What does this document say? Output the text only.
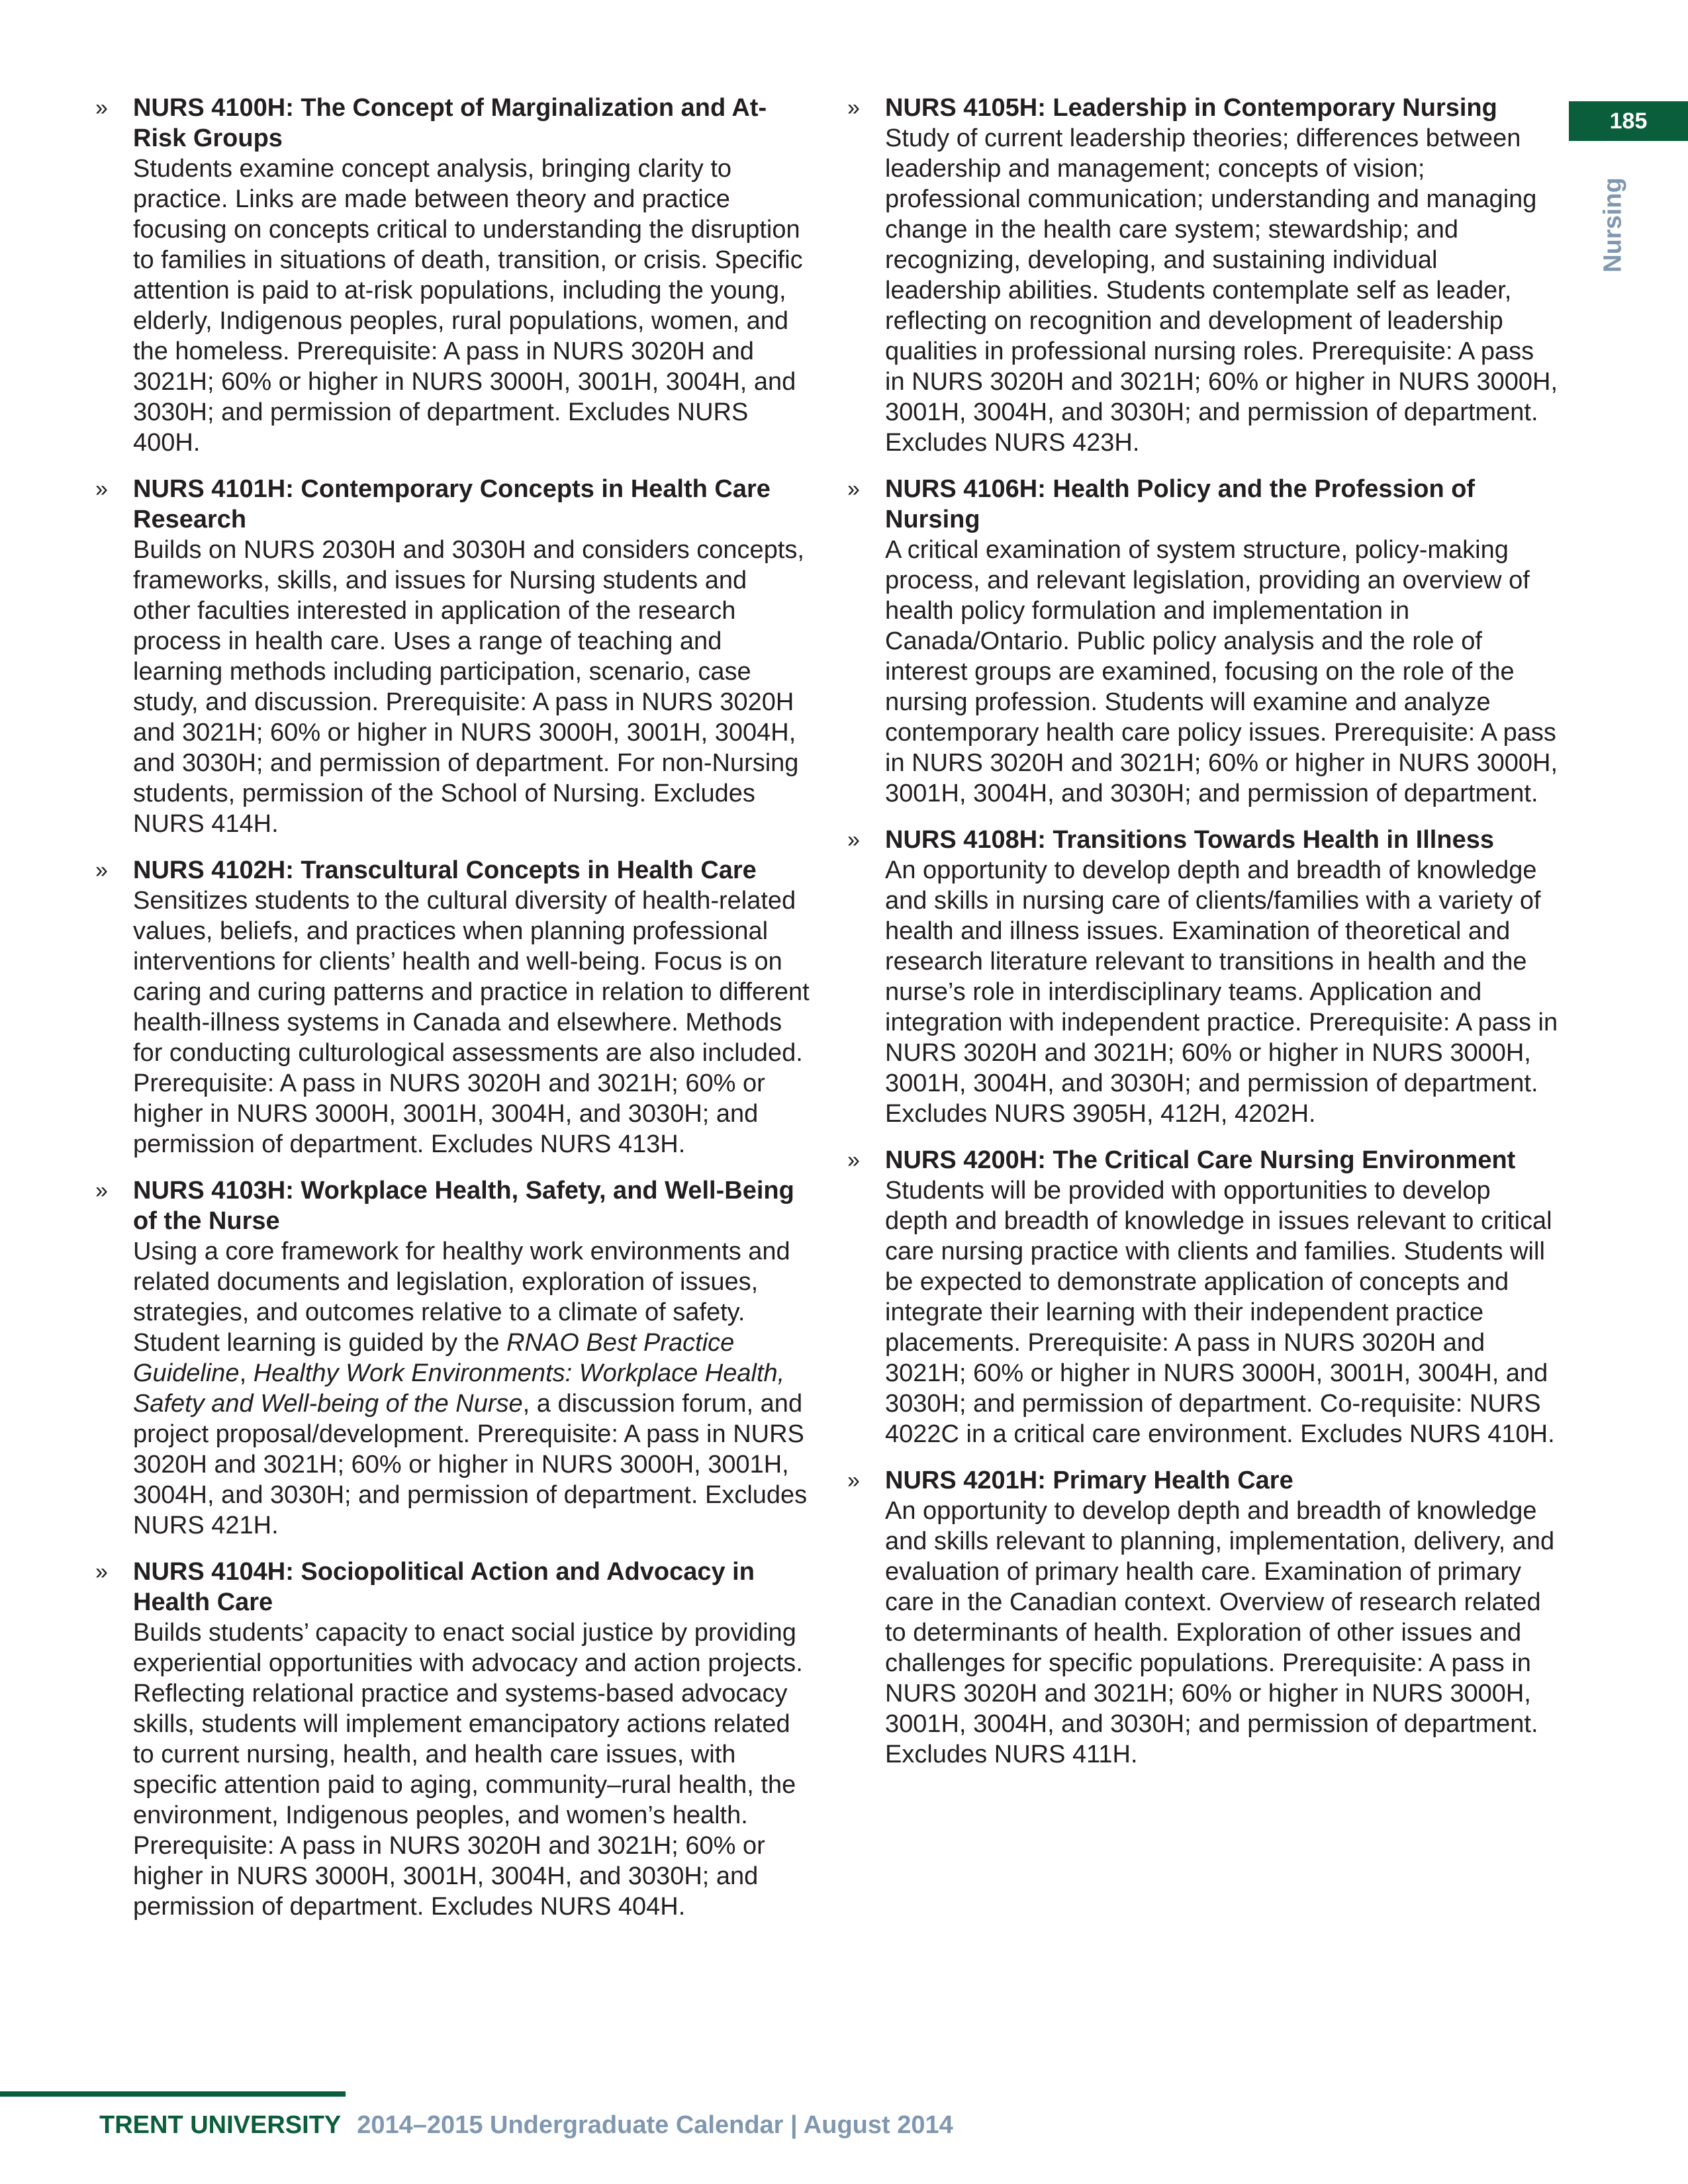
185
Nursing
» NURS 4100H: The Concept of Marginalization and At-Risk Groups
Students examine concept analysis, bringing clarity to practice. Links are made between theory and practice focusing on concepts critical to understanding the disruption to families in situations of death, transition, or crisis. Specific attention is paid to at-risk populations, including the young, elderly, Indigenous peoples, rural populations, women, and the homeless. Prerequisite: A pass in NURS 3020H and 3021H; 60% or higher in NURS 3000H, 3001H, 3004H, and 3030H; and permission of department. Excludes NURS 400H.
» NURS 4101H: Contemporary Concepts in Health Care Research
Builds on NURS 2030H and 3030H and considers concepts, frameworks, skills, and issues for Nursing students and other faculties interested in application of the research process in health care. Uses a range of teaching and learning methods including participation, scenario, case study, and discussion. Prerequisite: A pass in NURS 3020H and 3021H; 60% or higher in NURS 3000H, 3001H, 3004H, and 3030H; and permission of department. For non-Nursing students, permission of the School of Nursing. Excludes NURS 414H.
» NURS 4102H: Transcultural Concepts in Health Care
Sensitizes students to the cultural diversity of health-related values, beliefs, and practices when planning professional interventions for clients’ health and well-being. Focus is on caring and curing patterns and practice in relation to different health-illness systems in Canada and elsewhere. Methods for conducting culturological assessments are also included. Prerequisite: A pass in NURS 3020H and 3021H; 60% or higher in NURS 3000H, 3001H, 3004H, and 3030H; and permission of department. Excludes NURS 413H.
» NURS 4103H: Workplace Health, Safety, and Well-Being of the Nurse
Using a core framework for healthy work environments and related documents and legislation, exploration of issues, strategies, and outcomes relative to a climate of safety. Student learning is guided by the RNAO Best Practice Guideline, Healthy Work Environments: Workplace Health, Safety and Well-being of the Nurse, a discussion forum, and project proposal/development. Prerequisite: A pass in NURS 3020H and 3021H; 60% or higher in NURS 3000H, 3001H, 3004H, and 3030H; and permission of department. Excludes NURS 421H.
» NURS 4104H: Sociopolitical Action and Advocacy in Health Care
Builds students’ capacity to enact social justice by providing experiential opportunities with advocacy and action projects. Reflecting relational practice and systems-based advocacy skills, students will implement emancipatory actions related to current nursing, health, and health care issues, with specific attention paid to aging, community–rural health, the environment, Indigenous peoples, and women’s health. Prerequisite: A pass in NURS 3020H and 3021H; 60% or higher in NURS 3000H, 3001H, 3004H, and 3030H; and permission of department. Excludes NURS 404H.
» NURS 4105H: Leadership in Contemporary Nursing
Study of current leadership theories; differences between leadership and management; concepts of vision; professional communication; understanding and managing change in the health care system; stewardship; and recognizing, developing, and sustaining individual leadership abilities. Students contemplate self as leader, reflecting on recognition and development of leadership qualities in professional nursing roles. Prerequisite: A pass in NURS 3020H and 3021H; 60% or higher in NURS 3000H, 3001H, 3004H, and 3030H; and permission of department. Excludes NURS 423H.
» NURS 4106H: Health Policy and the Profession of Nursing
A critical examination of system structure, policy-making process, and relevant legislation, providing an overview of health policy formulation and implementation in Canada/Ontario. Public policy analysis and the role of interest groups are examined, focusing on the role of the nursing profession. Students will examine and analyze contemporary health care policy issues. Prerequisite: A pass in NURS 3020H and 3021H; 60% or higher in NURS 3000H, 3001H, 3004H, and 3030H; and permission of department.
» NURS 4108H: Transitions Towards Health in Illness
An opportunity to develop depth and breadth of knowledge and skills in nursing care of clients/families with a variety of health and illness issues. Examination of theoretical and research literature relevant to transitions in health and the nurse’s role in interdisciplinary teams. Application and integration with independent practice. Prerequisite: A pass in NURS 3020H and 3021H; 60% or higher in NURS 3000H, 3001H, 3004H, and 3030H; and permission of department. Excludes NURS 3905H, 412H, 4202H.
» NURS 4200H: The Critical Care Nursing Environment
Students will be provided with opportunities to develop depth and breadth of knowledge in issues relevant to critical care nursing practice with clients and families. Students will be expected to demonstrate application of concepts and integrate their learning with their independent practice placements. Prerequisite: A pass in NURS 3020H and 3021H; 60% or higher in NURS 3000H, 3001H, 3004H, and 3030H; and permission of department. Co-requisite: NURS 4022C in a critical care environment. Excludes NURS 410H.
» NURS 4201H: Primary Health Care
An opportunity to develop depth and breadth of knowledge and skills relevant to planning, implementation, delivery, and evaluation of primary health care. Examination of primary care in the Canadian context. Overview of research related to determinants of health. Exploration of other issues and challenges for specific populations. Prerequisite: A pass in NURS 3020H and 3021H; 60% or higher in NURS 3000H, 3001H, 3004H, and 3030H; and permission of department. Excludes NURS 411H.
TRENT UNIVERSITY 2014–2015 Undergraduate Calendar | August 2014
